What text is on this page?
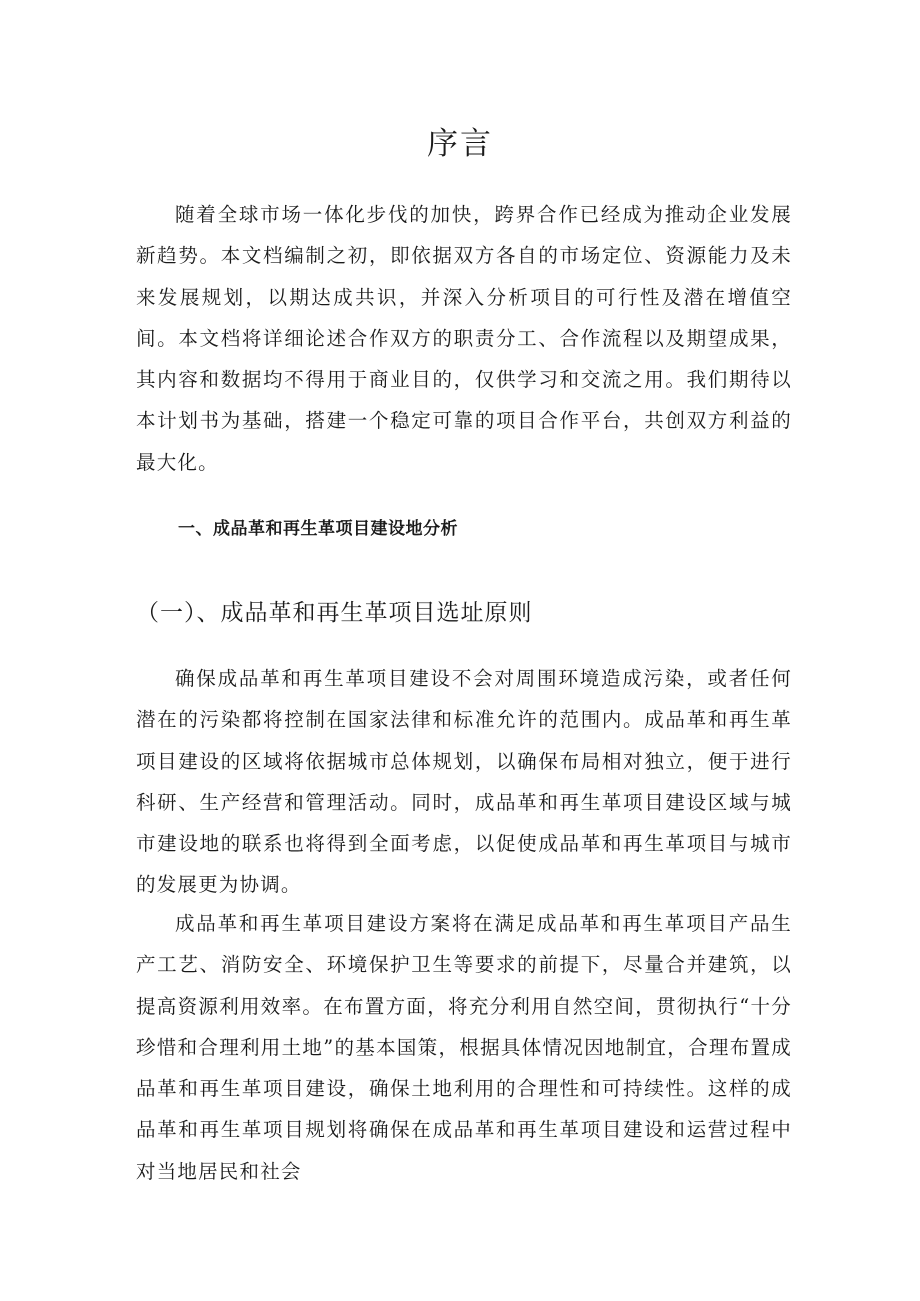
序言

随着全球市场一体化步伐的加快，跨界合作已经成为推动企业发展新趋势。本文档编制之初，即依据双方各自的市场定位、资源能力及未来发展规划，以期达成共识，并深入分析项目的可行性及潜在增值空间。本文档将详细论述合作双方的职责分工、合作流程以及期望成果，其内容和数据均不得用于商业目的，仅供学习和交流之用。我们期待以本计划书为基础，搭建一个稳定可靠的项目合作平台，共创双方利益的最大化。

一、成品革和再生革项目建设地分析
（一）、成品革和再生革项目选址原则

确保成品革和再生革项目建设不会对周围环境造成污染，或者任何潜在的污染都将控制在国家法律和标准允许的范围内。成品革和再生革项目建设的区域将依据城市总体规划，以确保布局相对独立，便于进行科研、生产经营和管理活动。同时，成品革和再生革项目建设区域与城市建设地的联系也将得到全面考虑，以促使成品革和再生革项目与城市的发展更为协调。

成品革和再生革项目建设方案将在满足成品革和再生革项目产品生产工艺、消防安全、环境保护卫生等要求的前提下，尽量合并建筑，以提高资源利用效率。在布置方面，将充分利用自然空间，贯彻执行“十分珍惜和合理利用土地”的基本国策，根据具体情况因地制宜，合理布置成品革和再生革项目建设，确保土地利用的合理性和可持续性。这样的成品革和再生革项目规划将确保在成品革和再生革项目建设和运营过程中对当地居民和社会
